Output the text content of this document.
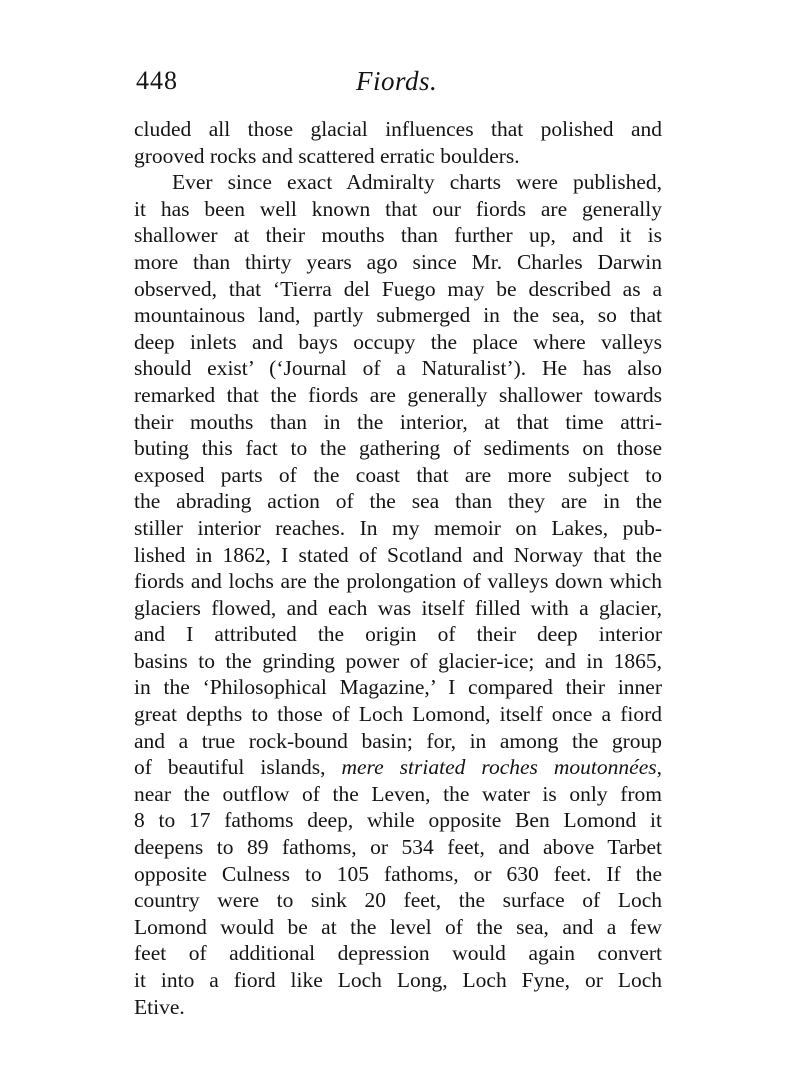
448	Fiords.
cluded all those glacial influences that polished and
grooved rocks and scattered erratic boulders.
Ever since exact Admiralty charts were published,
it has been well known that our fiords are generally
shallower at their mouths than further up, and it is
more than thirty years ago since Mr. Charles Darwin
observed, that ‘Tierra del Fuego may be described as a
mountainous land, partly submerged in the sea, so that
deep inlets and bays occupy the place where valleys
should exist’ (‘Journal of a Naturalist’). He has also
remarked that the fiords are generally shallower towards
their mouths than in the interior, at that time attri-
buting this fact to the gathering of sediments on those
exposed parts of the coast that are more subject to
the abrading action of the sea than they are in the
stiller interior reaches. In my memoir on Lakes, pub-
lished in 1862, I stated of Scotland and Norway that the
fiords and lochs are the prolongation of valleys down which
glaciers flowed, and each was itself filled with a glacier,
and I attributed the origin of their deep interior
basins to the grinding power of glacier-ice; and in 1865,
in the ‘Philosophical Magazine,’ I compared their inner
great depths to those of Loch Lomond, itself once a fiord
and a true rock-bound basin; for, in among the group
of beautiful islands, mere striated roches moutonnées,
near the outflow of the Leven, the water is only from
8 to 17 fathoms deep, while opposite Ben Lomond it
deepens to 89 fathoms, or 534 feet, and above Tarbet
opposite Culness to 105 fathoms, or 630 feet. If the
country were to sink 20 feet, the surface of Loch
Lomond would be at the level of the sea, and a few
feet of additional depression would again convert
it into a fiord like Loch Long, Loch Fyne, or Loch
Etive.
